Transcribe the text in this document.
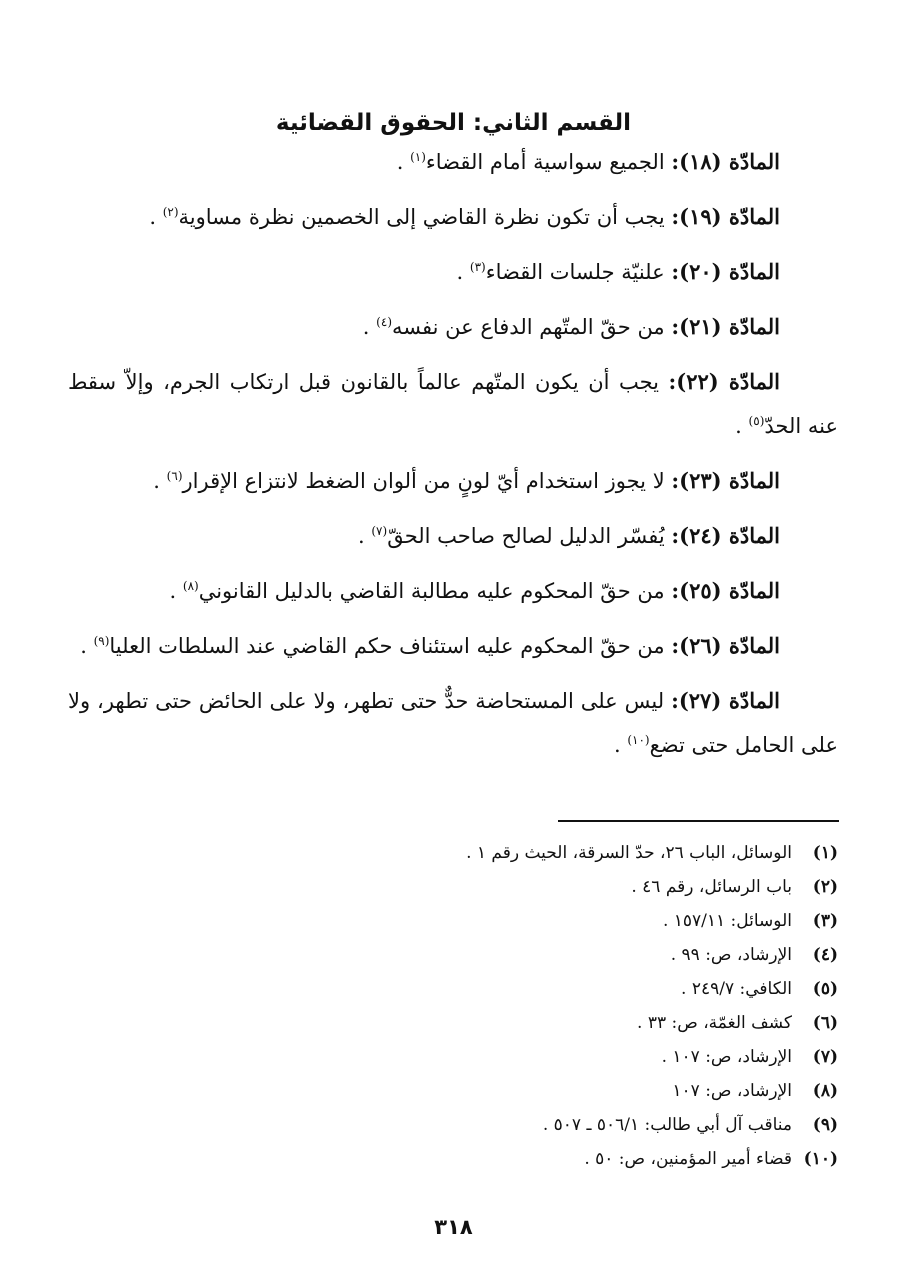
القسم الثاني: الحقوق القضائية

المادّة (١٨): الجميع سواسية أمام القضاء$^{(١)}$ .

المادّة (١٩): يجب أن تكون نظرة القاضي إلى الخصمين نظرة مساوية$^{(٢)}$ .

المادّة (٢٠): علنيّة جلسات القضاء$^{(٣)}$ .

المادّة (٢١): من حقّ المتّهم الدفاع عن نفسه$^{(٤)}$ .

المادّة (٢٢): يجب أن يكون المتّهم عالماً بالقانون قبل ارتكاب الجرم، وإلاّ سقط عنه الحدّ$^{(٥)}$ .

المادّة (٢٣): لا يجوز استخدام أيّ لونٍ من ألوان الضغط لانتزاع الإقرار$^{(٦)}$ .

المادّة (٢٤): يُفسّر الدليل لصالح صاحب الحقّ$^{(٧)}$ .

المادّة (٢٥): من حقّ المحكوم عليه مطالبة القاضي بالدليل القانوني$^{(٨)}$ .

المادّة (٢٦): من حقّ المحكوم عليه استئناف حكم القاضي عند السلطات العليا$^{(٩)}$ .

المادّة (٢٧): ليس على المستحاضة حدٌّ حتى تطهر، ولا على الحائض حتى تطهر، ولا على الحامل حتى تضع$^{(١٠)}$ .

(١)الوسائل، الباب ٢٦، حدّ السرقة، الحيث رقم ١ .
(٢)باب الرسائل، رقم ٤٦ .
(٣)الوسائل: ١٥٧/١١ .
(٤)الإرشاد، ص: ٩٩ .
(٥)الكافي: ٢٤٩/٧ .
(٦)كشف الغمّة، ص: ٣٣ .
(٧)الإرشاد، ص: ١٠٧ .
(٨)الإرشاد، ص: ١٠٧
(٩)مناقب آل أبي طالب: ٥٠٦/١ ـ ٥٠٧ .
(١٠)قضاء أمير المؤمنين، ص: ٥٠ .
٣١٨
